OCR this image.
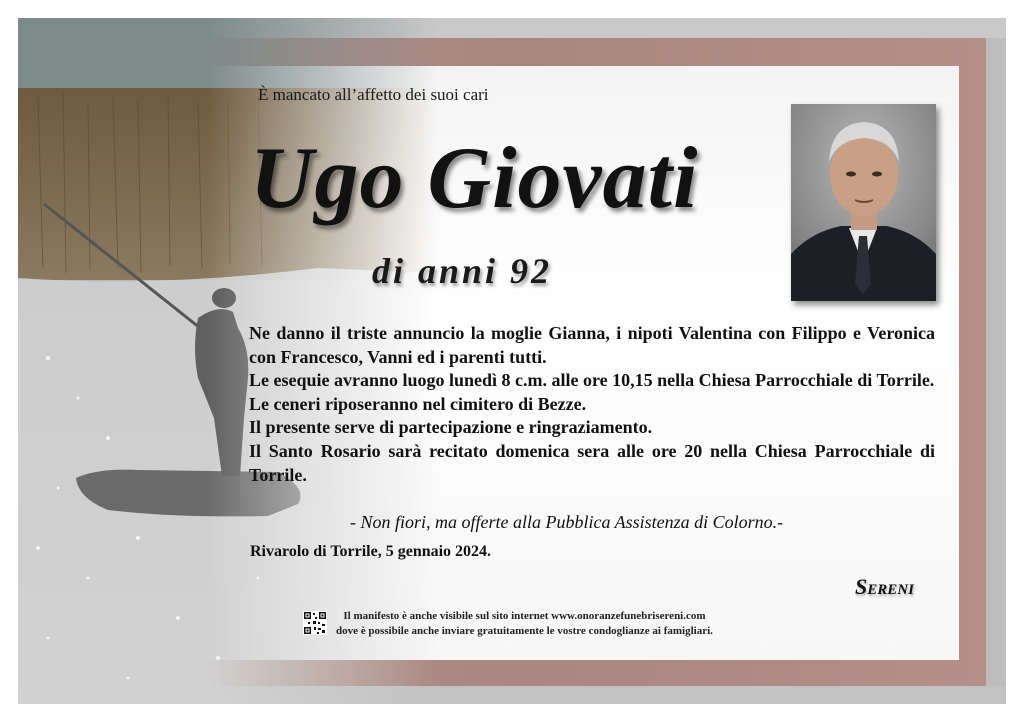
È mancato all’affetto dei suoi cari
Ugo Giovati
di anni 92

Ne danno il triste annuncio la moglie Gianna, i nipoti Valentina con Filippo e Veronica con Francesco, Vanni ed i parenti tutti.

Le esequie avranno luogo lunedì 8 c.m. alle ore 10,15 nella Chiesa Parrocchiale di Torrile.

Le ceneri riposeranno nel cimitero di Bezze.

Il presente serve di partecipazione e ringraziamento.

Il Santo Rosario sarà recitato domenica sera alle ore 20 nella Chiesa Parrocchiale di Torrile.

- Non fiori, ma offerte alla Pubblica Assistenza di Colorno.-
Rivarolo di Torrile, 5 gennaio 2024.
Sereni
Il manifesto è anche visibile sul sito internet www.onoranzefunebrisereni.com
dove è possibile anche inviare gratuitamente le vostre condoglianze ai famigliari.
